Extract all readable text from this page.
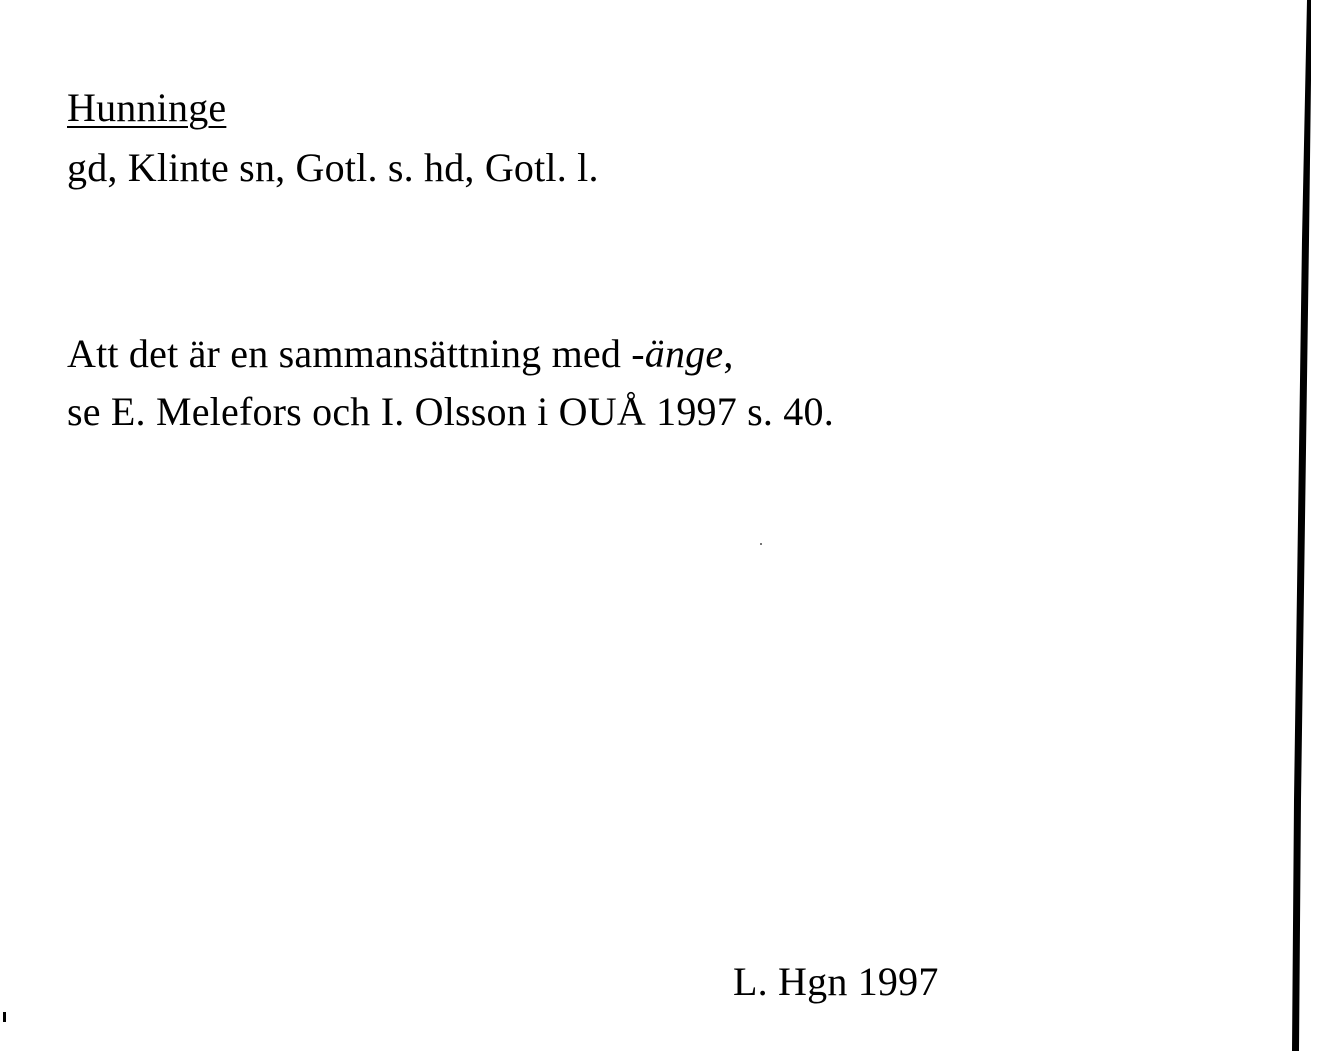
Hunninge
gd, Klinte sn, Gotl. s. hd, Gotl. l.
Att det är en sammansättning med -änge,
se E. Melefors och I. Olsson i OUÅ 1997 s. 40.
L. Hgn 1997
